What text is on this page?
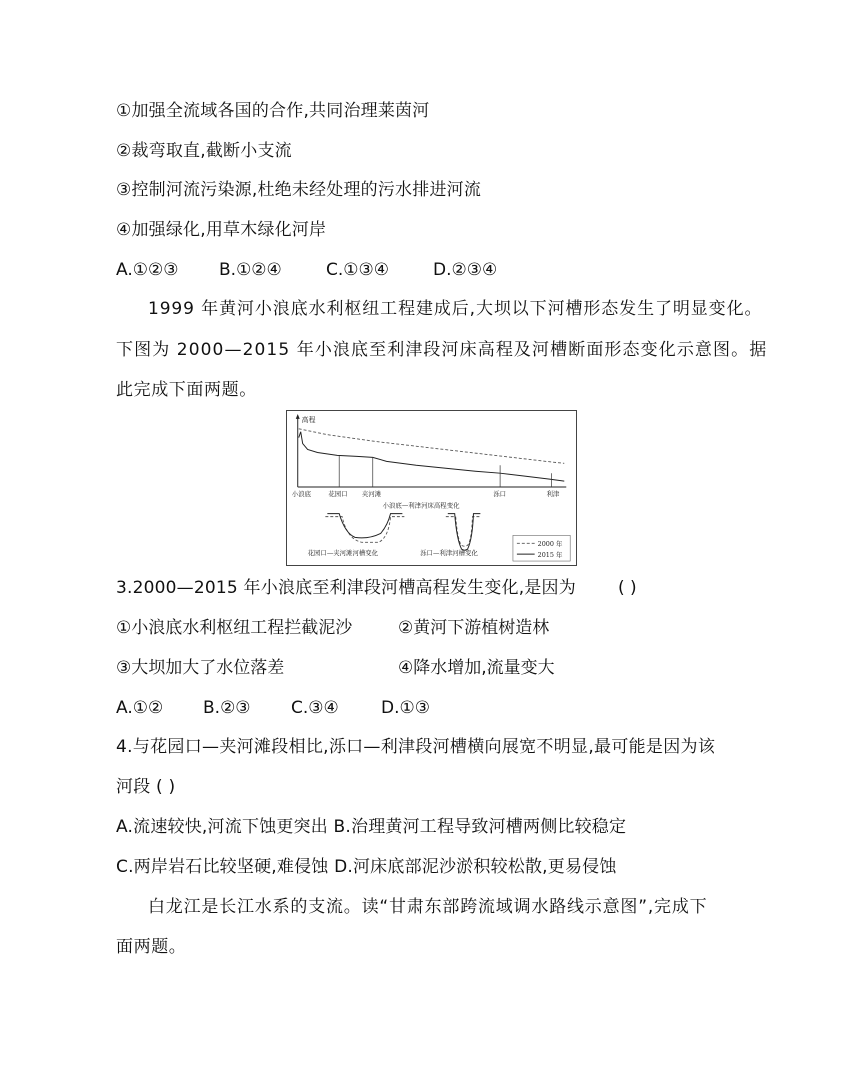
①加强全流域各国的合作,共同治理莱茵河
②裁弯取直,截断小支流
③控制河流污染源,杜绝未经处理的污水排进河流
④加强绿化,用草木绿化河岸
A.①②③ B.①②④	C.①③④	D.②③④
1999 年黄河小浪底水利枢纽工程建成后,大坝以下河槽形态发生了明显变化。
下图为 2000—2015 年小浪底至利津段河床高程及河槽断面形态变化示意图。据
此完成下面两题。
高程
小浪底	花园口 夹河滩	泺口	利津
小浪底—利津河床高程变化
花园口—夹河滩河槽变化	泺口—利津河槽变化
2000 年
2015 年
3.2000—2015 年小浪底至利津段河槽高程发生变化,是因为 ( )
①小浪底水利枢纽工程拦截泥沙	②黄河下游植树造林
③大坝加大了水位落差	④降水增加,流量变大
A.①② B.②③ C.③④ D.①③
4.与花园口—夹河滩段相比,泺口—利津段河槽横向展宽不明显,最可能是因为该
河段 ( )
A.流速较快,河流下蚀更突出 B.治理黄河工程导致河槽两侧比较稳定
C.两岸岩石比较坚硬,难侵蚀 D.河床底部泥沙淤积较松散,更易侵蚀
白龙江是长江水系的支流。读“甘肃东部跨流域调水路线示意图”,完成下
面两题。
